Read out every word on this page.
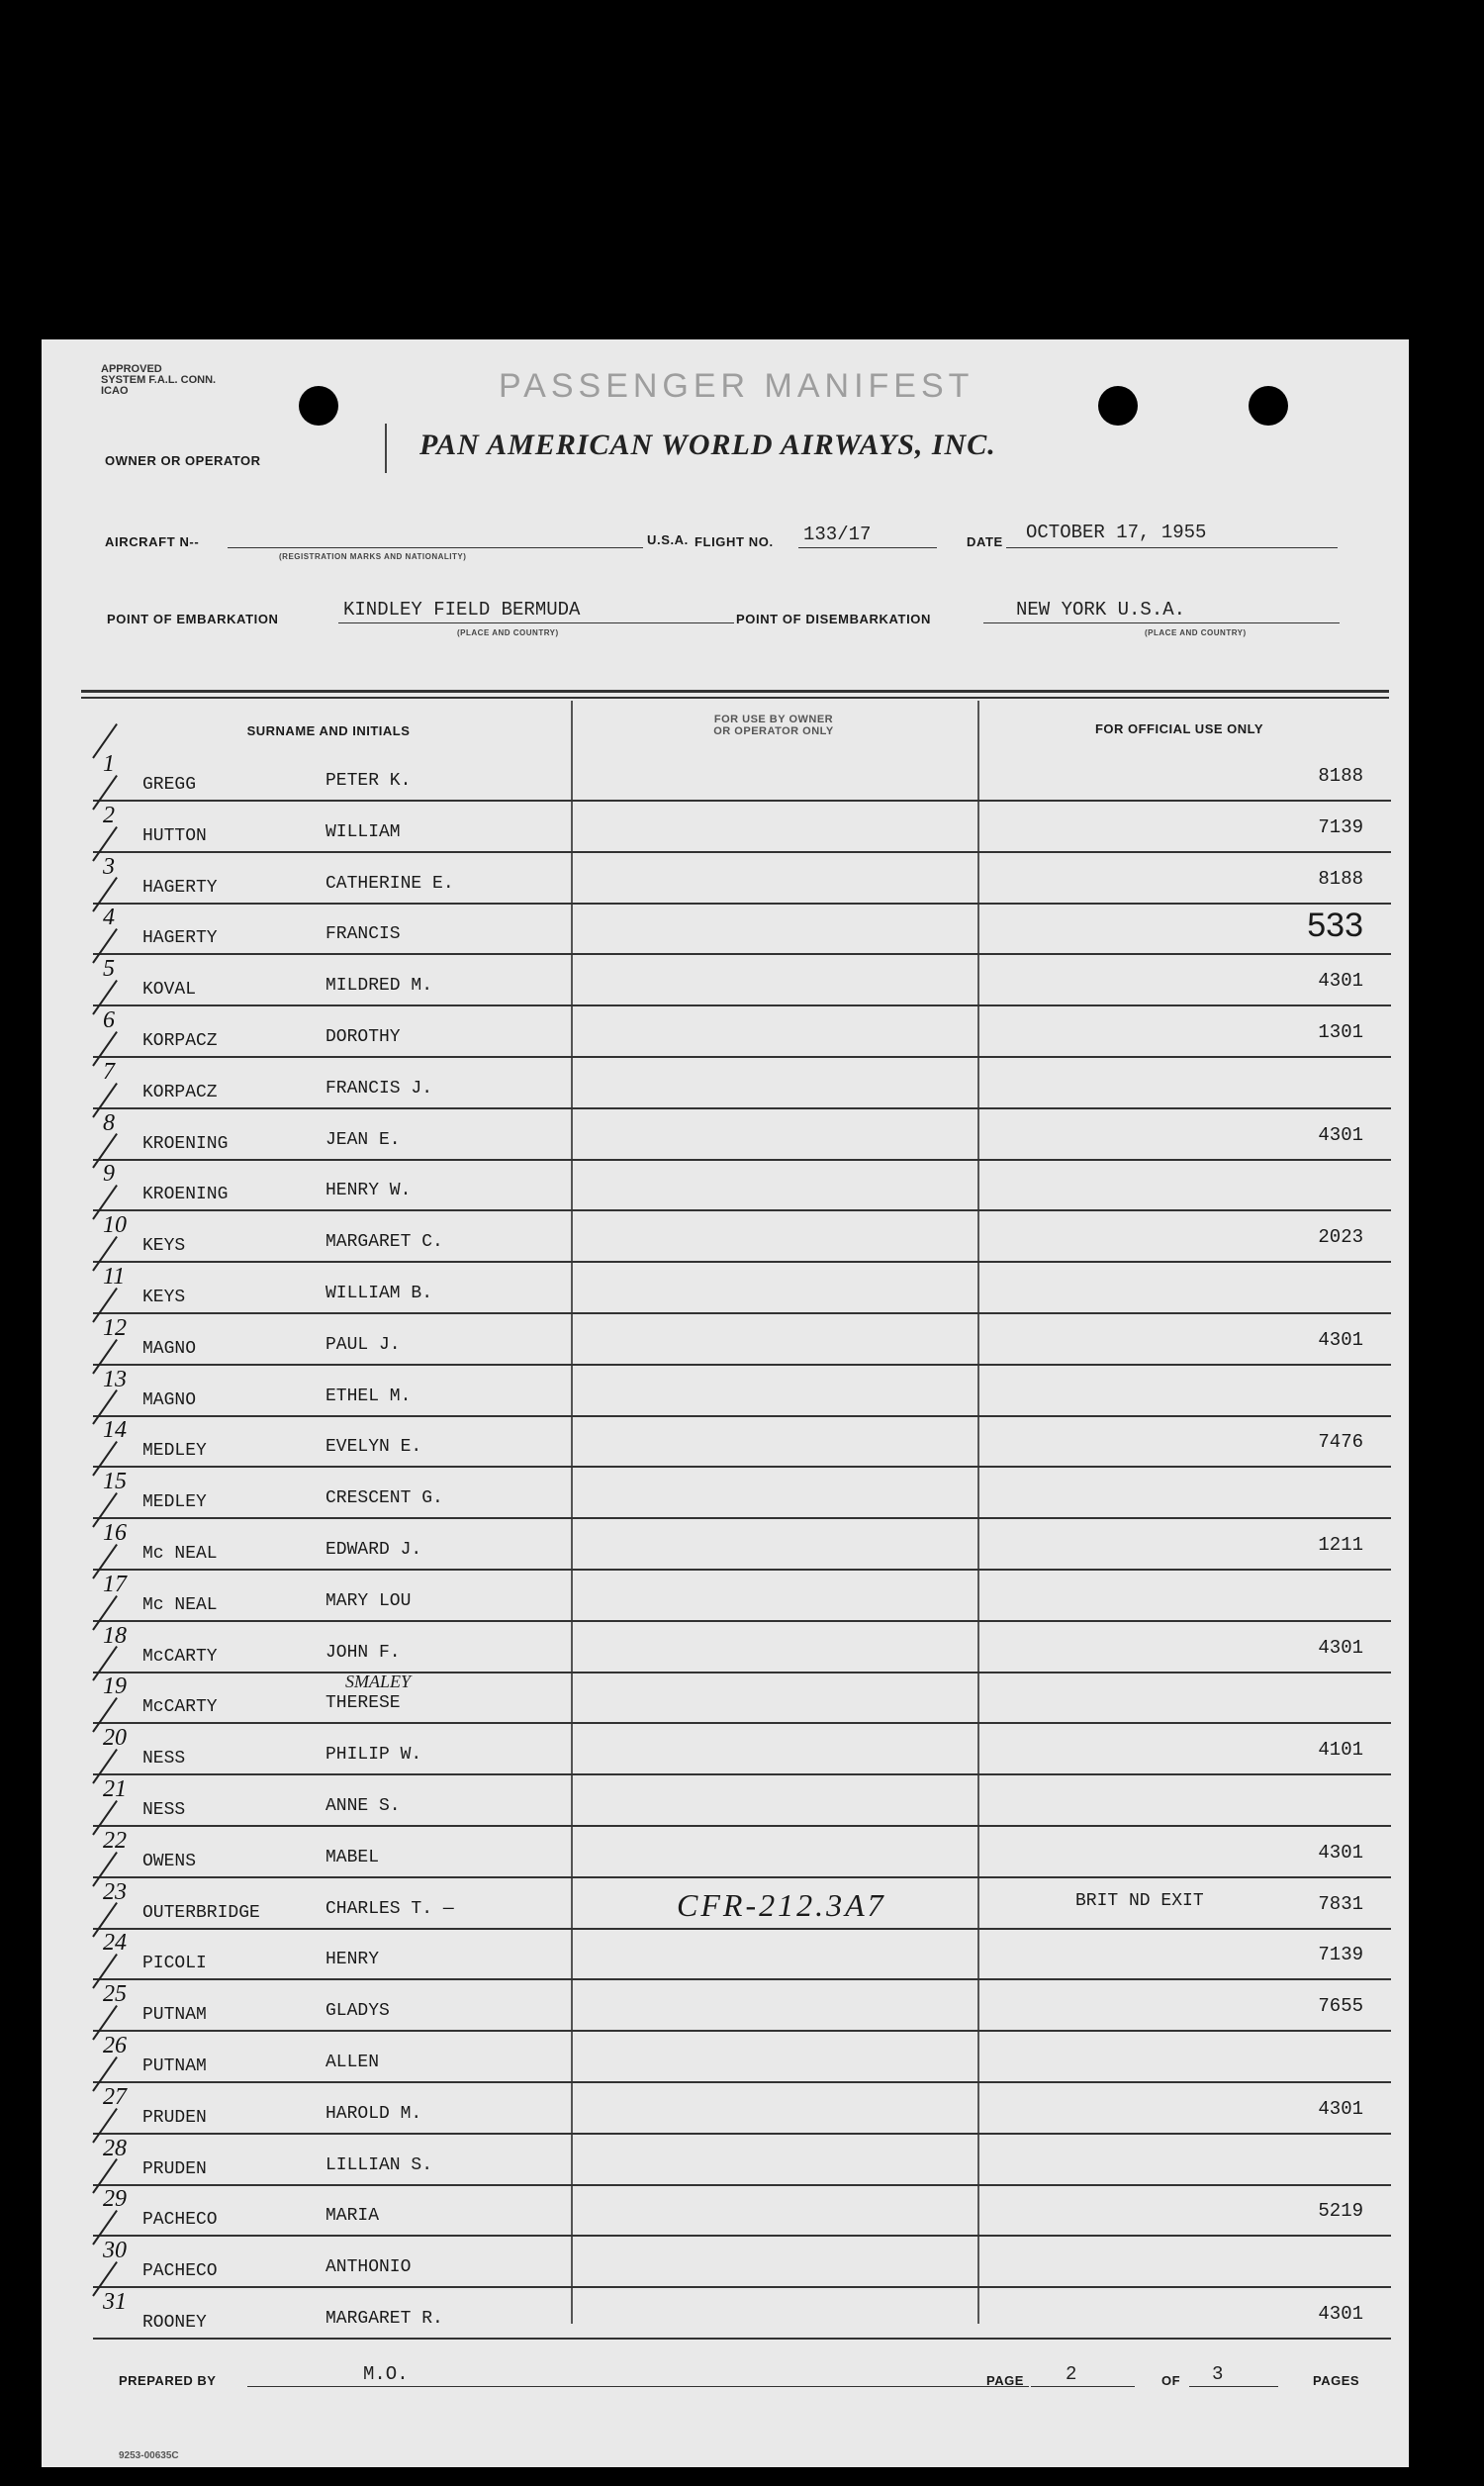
APPROVED
SYSTEM F.A.L. CONN.
ICAO	PASSENGER MANIFEST
OWNER OR OPERATOR	PAN AMERICAN WORLD AIRWAYS, INC.
AIRCRAFT N--
(REGISTRATION MARKS AND NATIONALITY)
U.S.A. FLIGHT NO. 133/17	DATE OCTOBER 17, 1955
POINT OF EMBARKATION	KINDLEY FIELD BERMUDA
(PLACE AND COUNTRY)
POINT OF DISEMBARKATION	NEW YORK U.S.A.
(PLACE AND COUNTRY)
SURNAME AND INITIALS
FOR USE BY OWNER
OR OPERATOR ONLY	FOR OFFICIAL USE ONLY
1
GREGG	PETER K.	8188
2
HUTTON	WILLIAM	7139
3
HAGERTY	CATHERINE E.	8188
4
HAGERTY	FRANCIS	533
5
KOVAL	MILDRED M.	4301
6
KORPACZ	DOROTHY	1301
7
KORPACZ	FRANCIS J.
8
KROENING	JEAN E.	4301
9
KROENING	HENRY W.
10
KEYS	MARGARET C.	2023
11
KEYS	WILLIAM B.
12
MAGNO	PAUL J.	4301
13
MAGNO	ETHEL M.
14
MEDLEY	EVELYN E.	7476
15
MEDLEY	CRESCENT G.
16
Mc NEAL	EDWARD J.	1211
17
Mc NEAL	MARY LOU
18
McCARTY	JOHN F.	4301
19
McCARTY	THERESE
SMALEY
20
NESS	PHILIP W.	4101
21
NESS	ANNE S.
22
OWENS	MABEL	4301
23
OUTERBRIDGE	CHARLES T. —	CFR-212.3A7	BRIT ND EXIT	7831
24
PICOLI	HENRY	7139
25
PUTNAM	GLADYS	7655
26
PUTNAM	ALLEN
27
PRUDEN	HAROLD M.	4301
28
PRUDEN	LILLIAN S.
29
PACHECO	MARIA	5219
30
PACHECO	ANTHONIO
31
ROONEY	MARGARET R.	4301
PREPARED BY	M.O.	PAGE 2	OF 3	PAGES
9253-00635C
